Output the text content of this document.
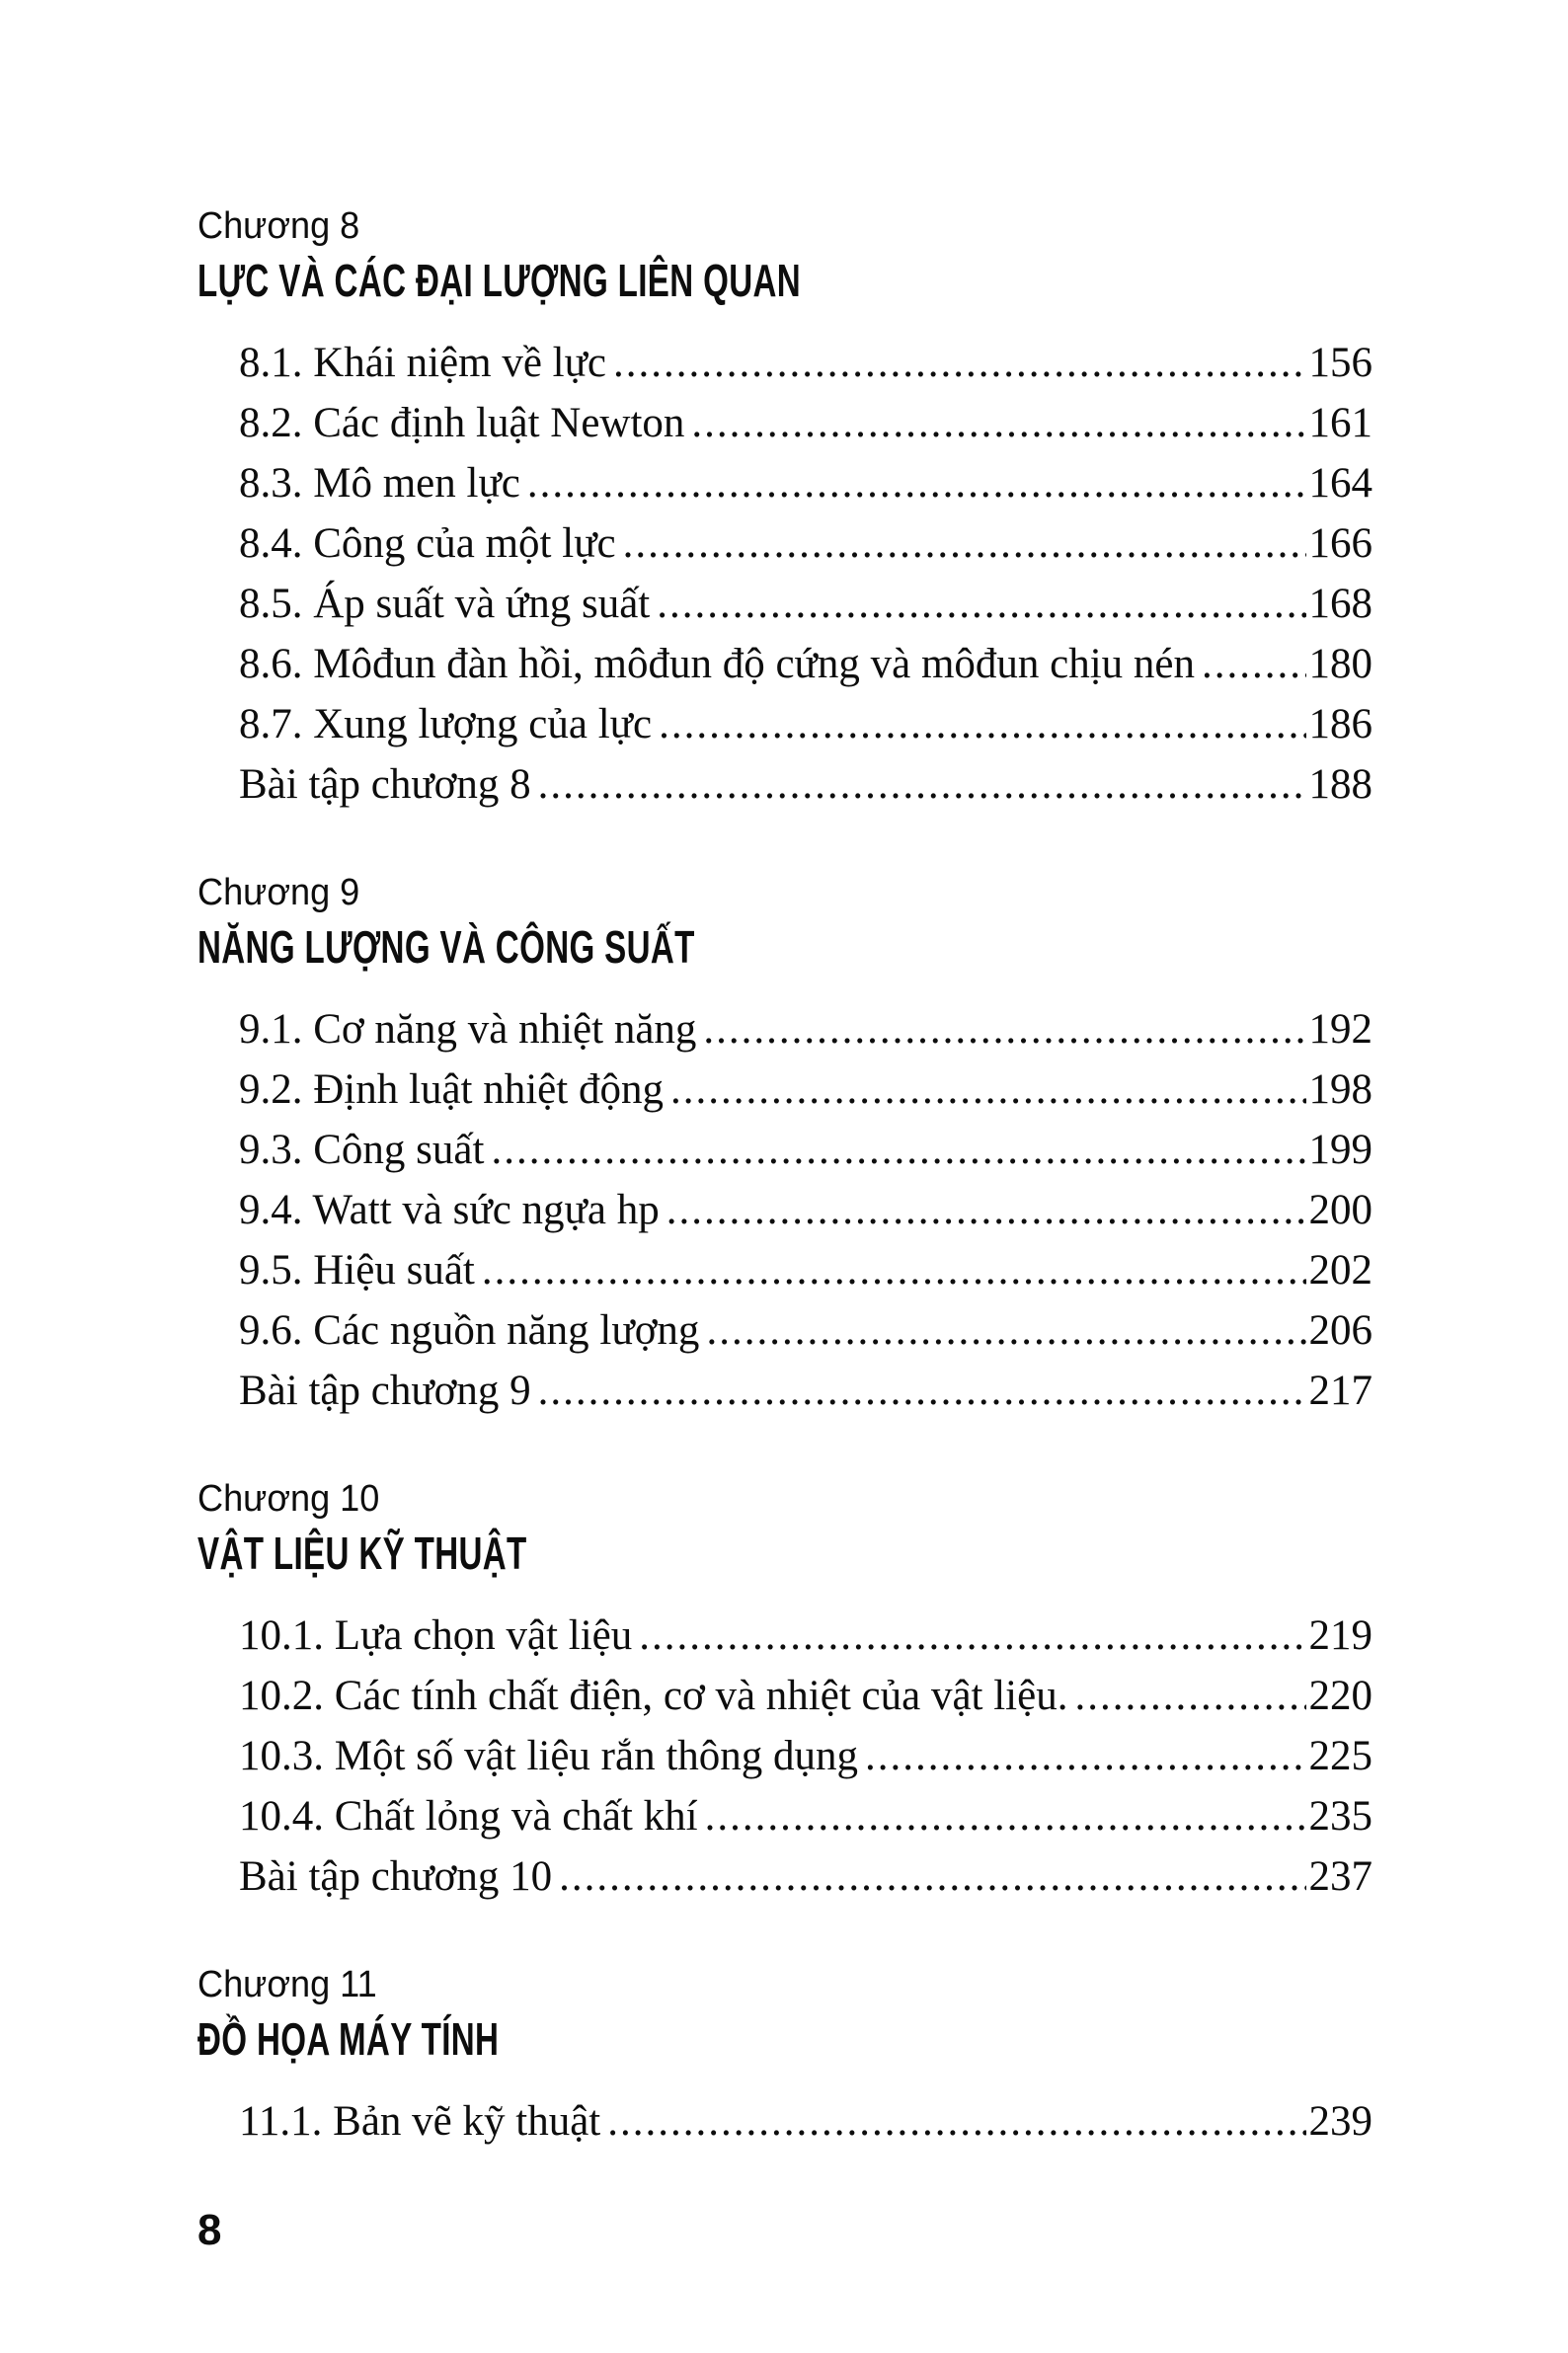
Chương 8
LỰC VÀ CÁC ĐẠI LƯỢNG LIÊN QUAN
8.1. Khái niệm về lực .....	156
8.2. Các định luật Newton .....	161
8.3. Mô men lực .....	164
8.4. Công của một lực .....	166
8.5. Áp suất và ứng suất .....	168
8.6. Môđun đàn hồi, môđun độ cứng và môđun chịu nén .....	180
8.7. Xung lượng của lực .....	186
Bài tập chương 8 .....	188
Chương 9
NĂNG LƯỢNG VÀ CÔNG SUẤT
9.1. Cơ năng và nhiệt năng .....	192
9.2. Định luật nhiệt động .....	198
9.3. Công suất .....	199
9.4. Watt và sức ngựa hp .....	200
9.5. Hiệu suất .....	202
9.6. Các nguồn năng lượng .....	206
Bài tập chương 9 .....	217
Chương 10
VẬT LIỆU KỸ THUẬT
10.1. Lựa chọn vật liệu .....	219
10.2. Các tính chất điện, cơ và nhiệt của vật liệu. .....	220
10.3. Một số vật liệu rắn thông dụng .....	225
10.4. Chất lỏng và chất khí .....	235
Bài tập chương 10 .....	237
Chương 11
ĐỒ HỌA MÁY TÍNH
11.1. Bản vẽ kỹ thuật .....	239
8
